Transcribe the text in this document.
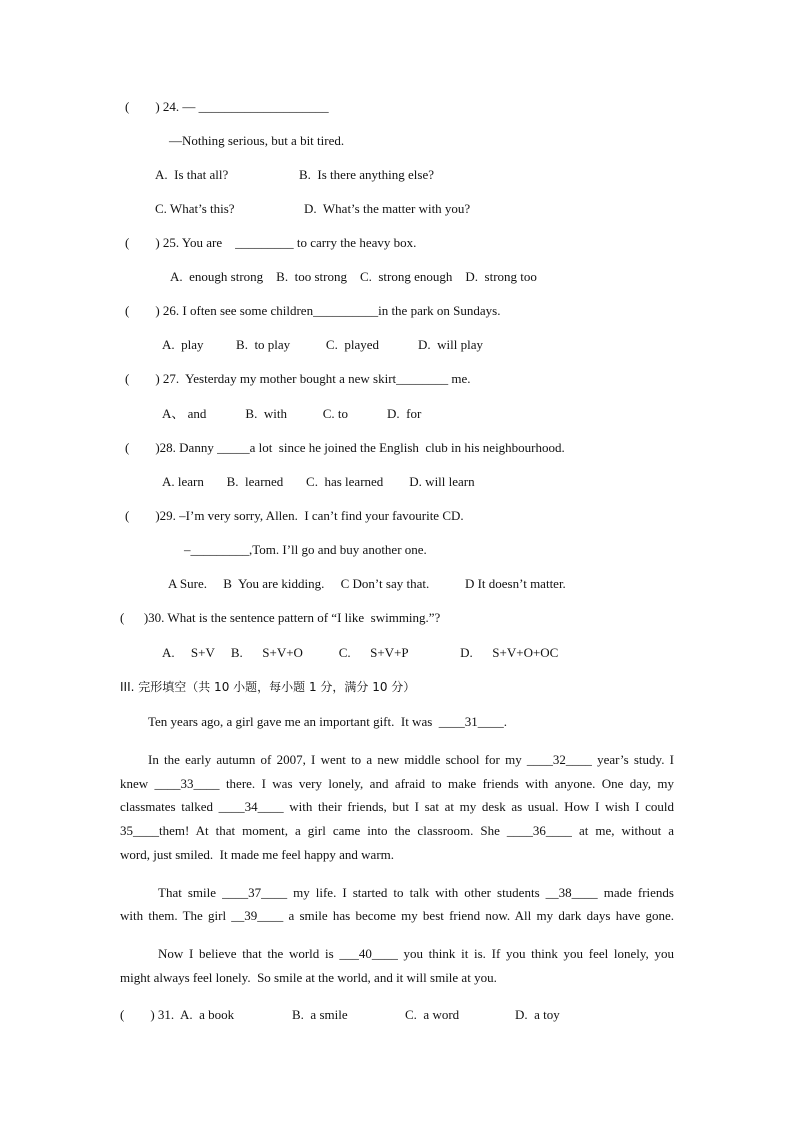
(        ) 24. — ____________________
—Nothing serious, but a bit tired.
A.  Is that all?	B.  Is there anything else?
C. What’s this?	D.  What’s the matter with you?
(        ) 25. You are    _________ to carry the heavy box.
A.  enough strong    B.  too strong    C.  strong enough    D.  strong too
(        ) 26. I often see some children__________in the park on Sundays.
A.  play          B.  to play           C.  played            D.  will play
(        ) 27.  Yesterday my mother bought a new skirt________ me.
A、 and            B.  with           C. to            D.  for
(        )28. Danny _____a lot  since he joined the English  club in his neighbourhood.
A. learn       B.  learned       C.  has learned        D. will learn
(        )29. –I’m very sorry, Allen.  I can’t find your favourite CD.
–_________,Tom. I’ll go and buy another one.
A Sure.     B  You are kidding.     C Don’t say that.           D It doesn’t matter.
(      )30. What is the sentence pattern of “I like  swimming.”?
A.     S+V     B.      S+V+O           C.      S+V+P                D.      S+V+O+OC
III. 完形填空（共 10 小题，每小题 1 分，满分 10 分）
Ten years ago, a girl gave me an important gift.  It was  ____31____.
In the early autumn of 2007, I went to a new middle school for my ____32____ year’s study. I
knew ____33____ there. I was very lonely, and afraid to make friends with anyone. One day, my
classmates talked ____34____ with their friends, but I sat at my desk as usual. How I wish I could
35____them! At that moment, a girl came into the classroom. She ____36____ at me, without a
word, just smiled.  It made me feel happy and warm.
That smile ____37____ my life. I started to talk with other students __38____ made friends
with them. The girl __39____ a smile has become my best friend now. All my dark days have gone.
Now I believe that the world is ___40____ you think it is. If you think you feel lonely, you
might always feel lonely.  So smile at the world, and it will smile at you.
(        ) 31.  A.  a book	B.  a smile	C.  a word	D.  a toy
